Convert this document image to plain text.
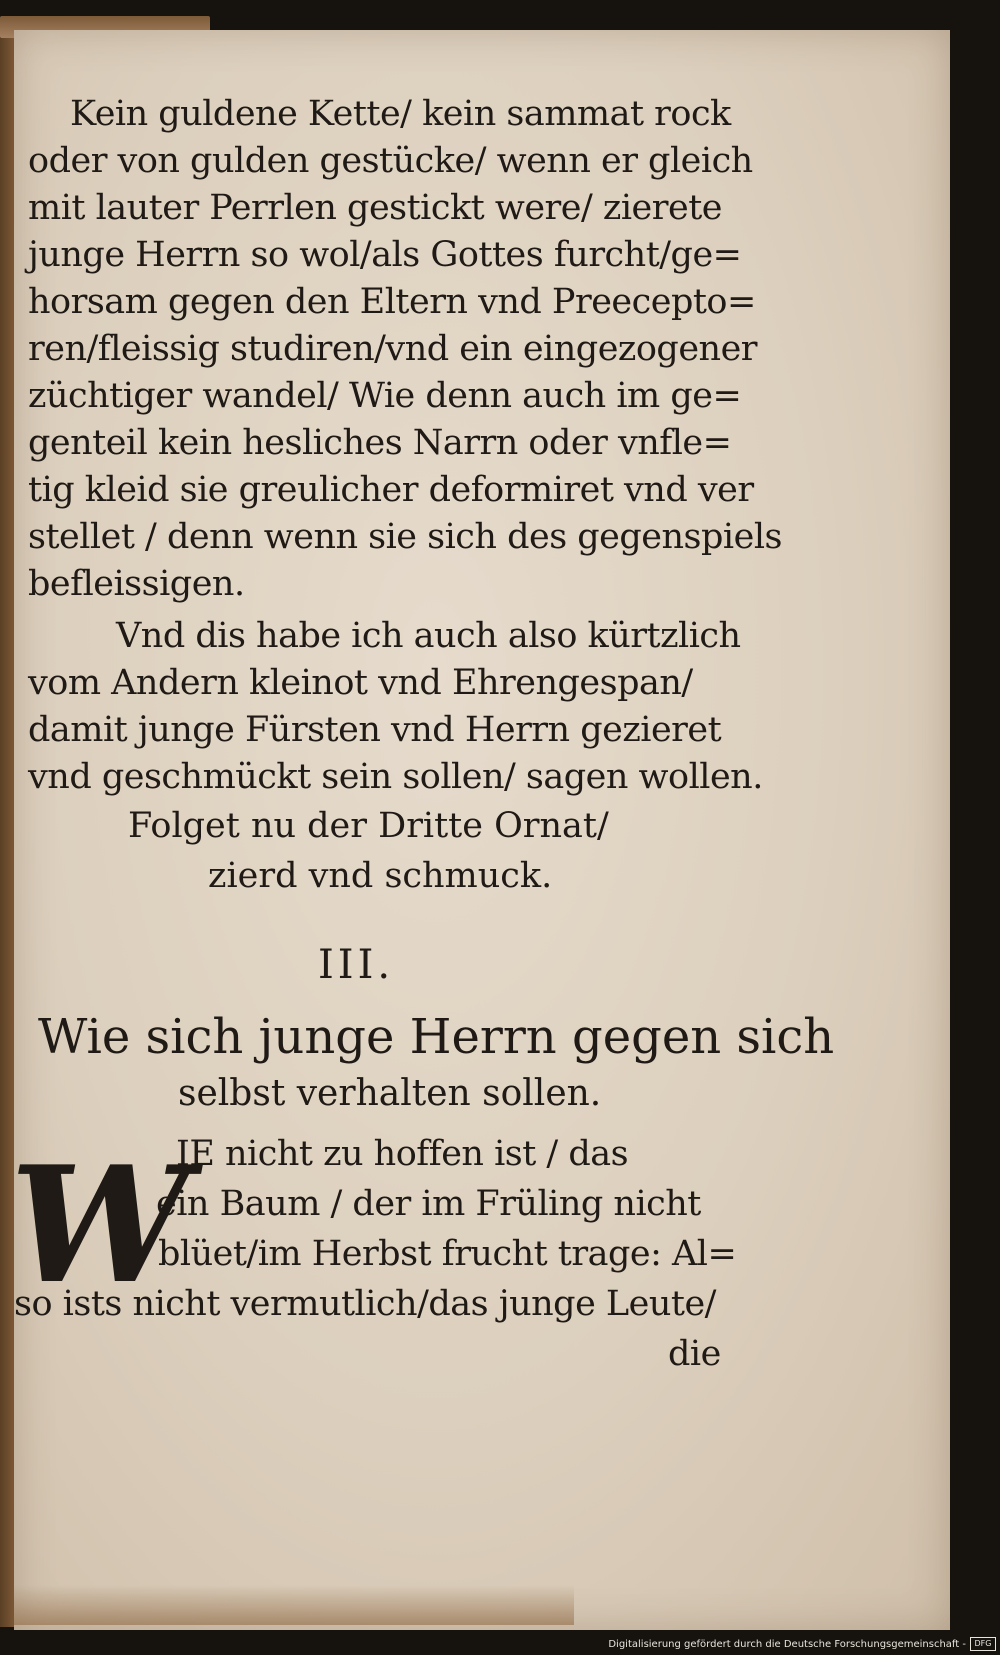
Kein guldene Kette/ kein sammat rock
oder von gulden gestücke/ wenn er gleich
mit lauter Perrlen gestickt were/ zierete
junge Herrn so wol/als Gottes furcht/ge=
horsam gegen den Eltern vnd Preecepto=
ren/fleissig studiren/vnd ein eingezogener
züchtiger wandel/ Wie denn auch im ge=
genteil kein hesliches Narrn oder vnfle=
tig kleid sie greulicher deformiret vnd ver
stellet / denn wenn sie sich des gegenspiels
befleissigen.
Vnd dis habe ich auch also kürtzlich
vom Andern kleinot vnd Ehrengespan/
damit junge Fürsten vnd Herrn gezieret
vnd geschmückt sein sollen/ sagen wollen.
Folget nu der Dritte Ornat/
zierd vnd schmuck.
III.
Wie sich junge Herrn gegen sich
selbst verhalten sollen.
IE nicht zu hoffen ist / das
ein Baum / der im Früling nicht
blüet/im Herbst frucht trage: Al=
so ists nicht vermutlich/das junge Leute/
die
W
Digitalisierung gefördert durch die Deutsche Forschungsgemeinschaft -	DFG
